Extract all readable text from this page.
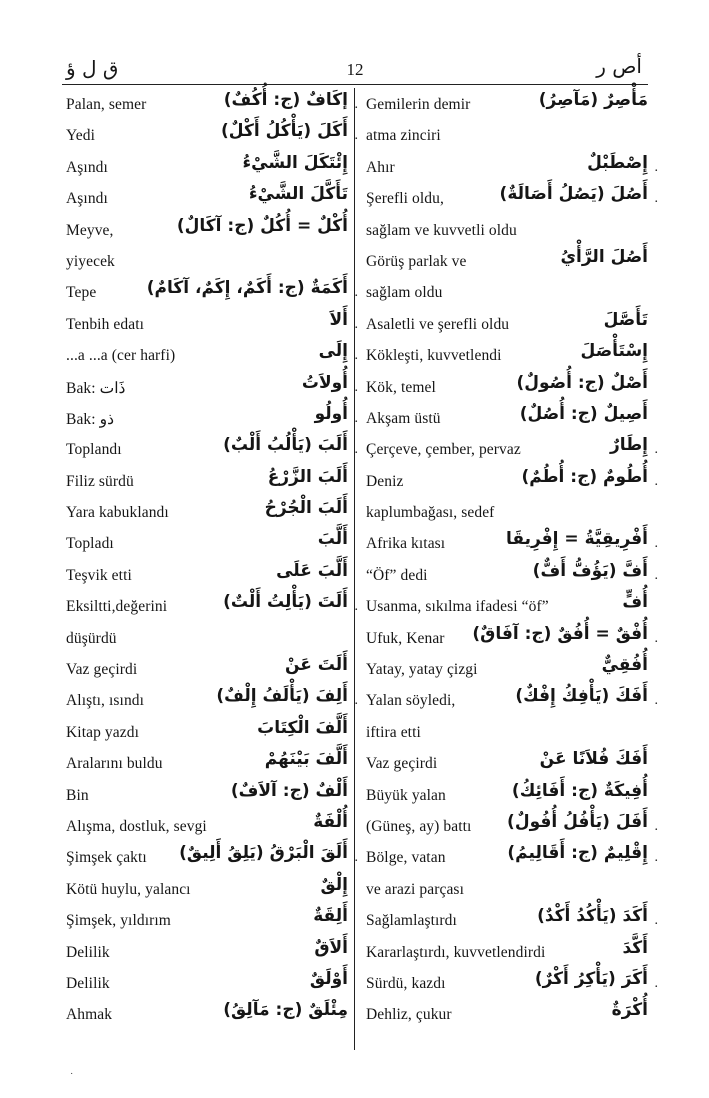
ق ل ؤ	12	أص ر
Palan, semer	إكَافٌ (ج: أُكُفٌ) .
Yedi	أَكَلَ (يَأْكُلُ أَكْلٌ) .
Aşındı	إِئْتَكَلَ الشَّيْءُ
Aşındı	تَأَكَّلَ الشَّيْءُ
Meyve,	أُكْلٌ = أُكُلٌ (ج: آكَالٌ)
yiyecek
Tepe	أَكَمَةٌ (ج: أَكَمٌ، إِكَمٌ، آكَامٌ) .
Tenbih edatı	أَلاَ .
...a ...a (cer harfi)	إِلَى .
Bak: ذَات	أُولاَتُ .
Bak: ذو	أُولُو .
Toplandı	أَلَبَ (يَأْلُبُ أَلْبٌ) .
Filiz sürdü	أَلَبَ الزَّرْعُ
Yara kabuklandı	أَلَبَ الْجُرْحُ
Topladı	أَلَّبَ
Teşvik etti	أَلَّبَ عَلَى
Eksiltti,değerini	أَلَتَ (يَأْلِتُ أَلْتٌ) .
düşürdü
Vaz geçirdi	أَلَتَ عَنْ
Alıştı, ısındı	أَلِفَ (يَأْلَفُ إِلْفٌ) .
Kitap yazdı	أَلَّفَ الْكِتَابَ
Aralarını buldu	أَلَّفَ بَيْنَهُمْ
Bin	أَلْفٌ (ج: آلاَفٌ)
Alışma, dostluk, sevgi	أُلْفَةٌ
Şimşek çaktı أَلَقَ الْبَرْقُ (يَلِقُ أَلِيقٌ) .
Kötü huylu, yalancı	إِلْقٌ
Şimşek, yıldırım	أَلِقَةٌ
Delilik	أَلاَقٌ
Delilik	أَوْلَقٌ
Ahmak	مِئْلَقٌ (ج: مَآلِقُ)
Gemilerin demir	مَأْصِرٌ (مَآصِرُ)
atma zinciri
Ahır	إِصْطَبْلٌ .
Şerefli oldu,	أَصُلَ (يَصُلُ أَصَالَةٌ) .
sağlam ve kuvvetli oldu
Görüş parlak ve	أَصُلَ الرَّأْيُ
sağlam oldu
Asaletli ve şerefli oldu	تَأَصَّلَ
Kökleşti, kuvvetlendi	إِسْتَأْصَلَ
Kök, temel	أَصْلٌ (ج: أُصُولٌ)
Akşam üstü	أَصِيلٌ (ج: أُصُلٌ)
Çerçeve, çember, pervaz	إِطَارٌ .
Deniz	أُطُومٌ (ج: أُطُمٌ) .
kaplumbağası, sedef
Afrika kıtası	أَفْرِيقِيَّةُ = إِفْرِيقَا .
“Öf” dedi	أَفَّ (يَؤُفُّ أَفٌّ) .
Usanma, sıkılma ifadesi “öf”	أُفٍّ
Ufuk, Kenar أُفْقٌ = أُفُقٌ (ج: آفَاقٌ) .
Yatay, yatay çizgi	أُفُقِيٌّ
Yalan söyledi,	أَفَكَ (يَأْفِكُ إِفْكٌ) .
iftira etti
Vaz geçirdi	أَفَكَ فُلاَنًا عَنْ
Büyük yalan	أُفِيكَةٌ (ج: أَفَائِكُ)
(Güneş, ay) battı أَفَلَ (يَأْفُلُ أُفُولٌ) .
Bölge, vatan	إِقْلِيمٌ (ج: أَقَالِيمُ) .
ve arazi parçası
Sağlamlaştırdı	أَكَدَ (يَأْكُدُ أَكْدٌ) .
Kararlaştırdı, kuvvetlendirdi	أَكَّدَ
Sürdü, kazdı	أَكَرَ (يَأْكِرُ أَكْرٌ) .
Dehliz, çukur	أُكْرَةٌ
˙
